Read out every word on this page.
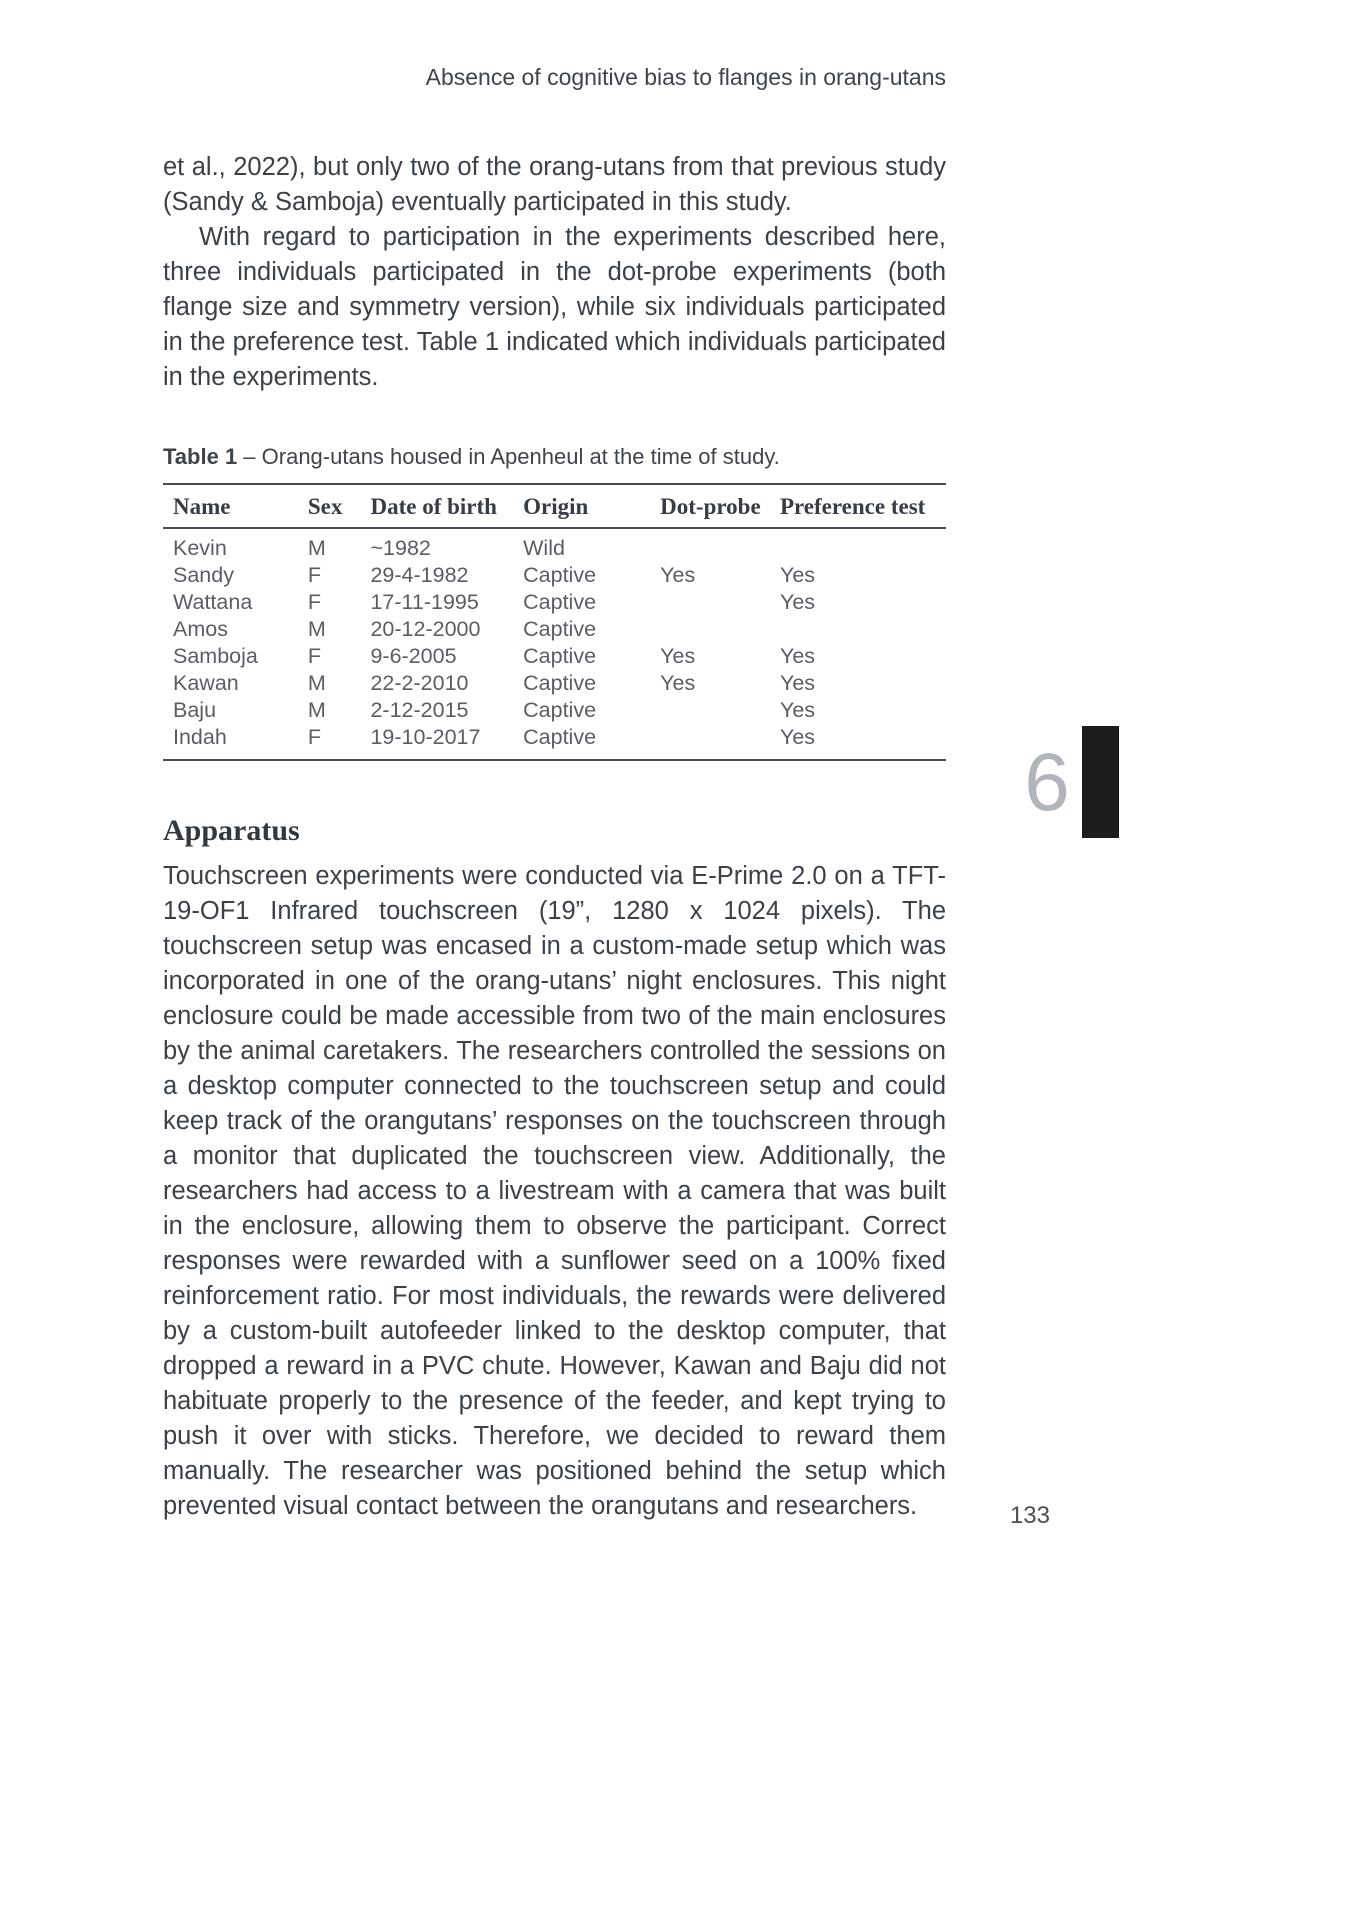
Absence of cognitive bias to flanges in orang-utans

et al., 2022), but only two of the orang-utans from that previous study (Sandy & Samboja) eventually participated in this study.

With regard to participation in the experiments described here, three individuals participated in the dot-probe experiments (both flange size and symmetry version), while six individuals participated in the preference test. Table 1 indicated which individuals participated in the experiments.

Table 1 – Orang-utans housed in Apenheul at the time of study.
Name	Sex	Date of birth	Origin	Dot-probe	Preference test
Kevin	M	~1982	Wild		
Sandy	F	29-4-1982	Captive	Yes	Yes
Wattana	F	17-11-1995	Captive		Yes
Amos	M	20-12-2000	Captive		
Samboja	F	9-6-2005	Captive	Yes	Yes
Kawan	M	22-2-2010	Captive	Yes	Yes
Baju	M	2-12-2015	Captive		Yes
Indah	F	19-10-2017	Captive		Yes
Apparatus

Touchscreen experiments were conducted via E-Prime 2.0 on a TFT-19-OF1 Infrared touchscreen (19”, 1280 x 1024 pixels). The touchscreen setup was encased in a custom-made setup which was incorporated in one of the orang-utans’ night enclosures. This night enclosure could be made accessible from two of the main enclosures by the animal caretakers. The researchers controlled the sessions on a desktop computer connected to the touchscreen setup and could keep track of the orangutans’ responses on the touchscreen through a monitor that duplicated the touchscreen view. Additionally, the researchers had access to a livestream with a camera that was built in the enclosure, allowing them to observe the participant. Correct responses were rewarded with a sunflower seed on a 100% fixed reinforcement ratio. For most individuals, the rewards were delivered by a custom-built autofeeder linked to the desktop computer, that dropped a reward in a PVC chute. However, Kawan and Baju did not habituate properly to the presence of the feeder, and kept trying to push it over with sticks. Therefore, we decided to reward them manually. The researcher was positioned behind the setup which prevented visual contact between the orangutans and researchers.

6
133
